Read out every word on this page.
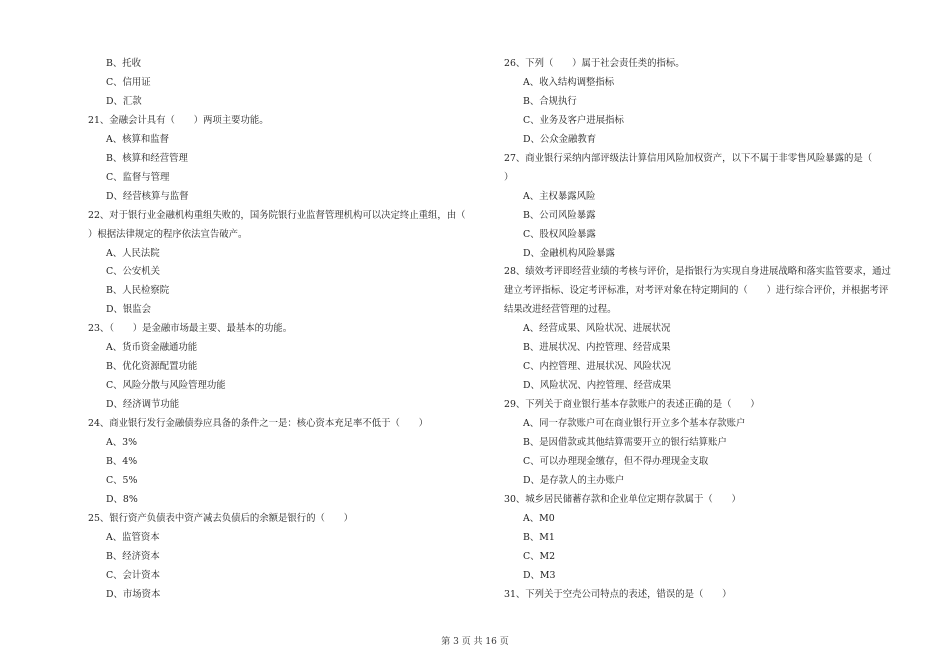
B、托收
C、信用证
D、汇款
21、金融会计具有（　　）两项主要功能。
A、核算和监督
B、核算和经营管理
C、监督与管理
D、经营核算与监督
22、对于银行业金融机构重组失败的，国务院银行业监督管理机构可以决定终止重组，由（
）根据法律规定的程序依法宣告破产。
A、人民法院
C、公安机关
B、人民检察院
D、银监会
23、（　　）是金融市场最主要、最基本的功能。
A、货币资金融通功能
B、优化资源配置功能
C、风险分散与风险管理功能
D、经济调节功能
24、商业银行发行金融债券应具备的条件之一是：核心资本充足率不低于（　　）
A、3%
B、4%
C、5%
D、8%
25、银行资产负债表中资产减去负债后的余额是银行的（　　）
A、监管资本
B、经济资本
C、会计资本
D、市场资本
26、下列（　　）属于社会责任类的指标。
A、收入结构调整指标
B、合规执行
C、业务及客户进展指标
D、公众金融教育
27、商业银行采纳内部评级法计算信用风险加权资产，以下不属于非零售风险暴露的是（
）
A、主权暴露风险
B、公司风险暴露
C、股权风险暴露
D、金融机构风险暴露
28、绩效考评即经营业绩的考核与评价，是指银行为实现自身进展战略和落实监管要求，通过
建立考评指标、设定考评标准，对考评对象在特定期间的（　　）进行综合评价，并根据考评
结果改进经营管理的过程。
A、经营成果、风险状况、进展状况
B、进展状况、内控管理、经营成果
C、内控管理、进展状况、风险状况
D、风险状况、内控管理、经营成果
29、下列关于商业银行基本存款账户的表述正确的是（　　）
A、同一存款账户可在商业银行开立多个基本存款账户
B、是因借款或其他结算需要开立的银行结算账户
C、可以办理现金缴存，但不得办理现金支取
D、是存款人的主办账户
30、城乡居民储蓄存款和企业单位定期存款属于（　　）
A、M0
B、M1
C、M2
D、M3
31、下列关于空壳公司特点的表述，错误的是（　　）
第 3 页 共 16 页
